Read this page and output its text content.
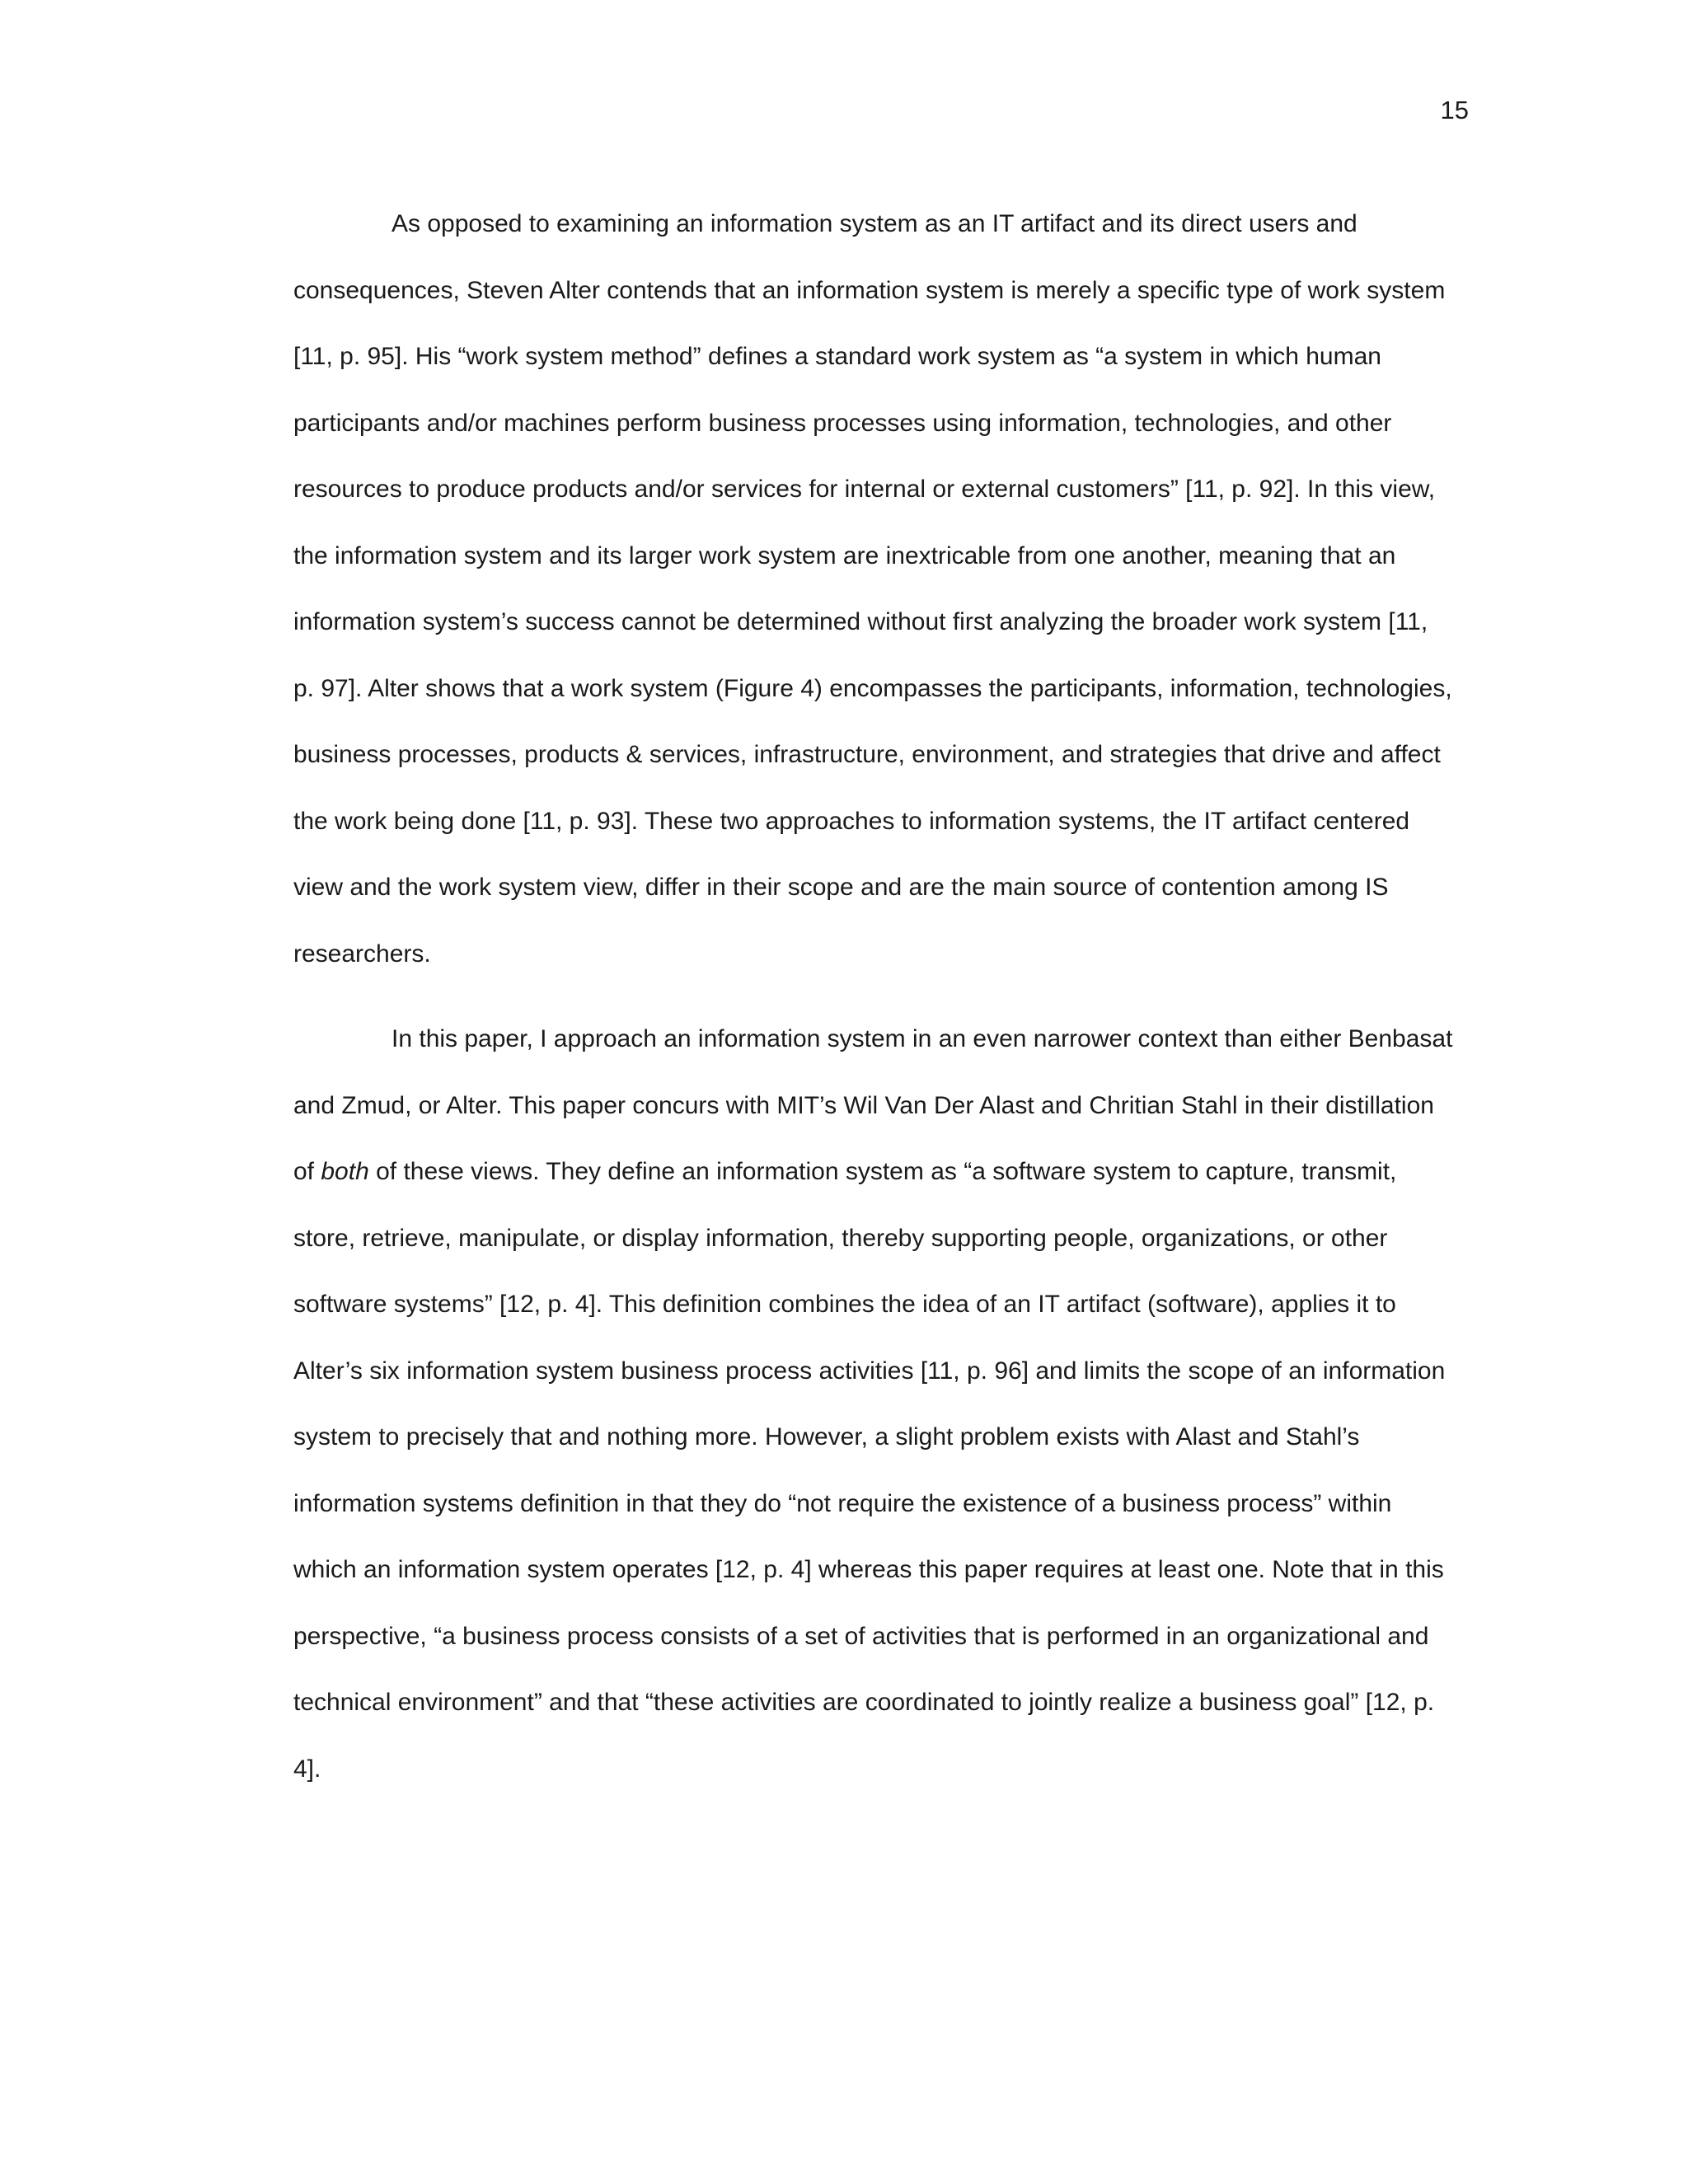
15

As opposed to examining an information system as an IT artifact and its direct users and
consequences, Steven Alter contends that an information system is merely a specific type of work system
[11, p. 95]. His “work system method” defines a standard work system as “a system in which human
participants and/or machines perform business processes using information, technologies, and other
resources to produce products and/or services for internal or external customers” [11, p. 92]. In this view,
the information system and its larger work system are inextricable from one another, meaning that an
information system’s success cannot be determined without first analyzing the broader work system [11,
p. 97]. Alter shows that a work system (Figure 4) encompasses the participants, information, technologies,
business processes, products & services, infrastructure, environment, and strategies that drive and affect
the work being done [11, p. 93]. These two approaches to information systems, the IT artifact centered
view and the work system view, differ in their scope and are the main source of contention among IS
researchers.

In this paper, I approach an information system in an even narrower context than either Benbasat
and Zmud, or Alter. This paper concurs with MIT’s Wil Van Der Alast and Chritian Stahl in their distillation
of both of these views. They define an information system as “a software system to capture, transmit,
store, retrieve, manipulate, or display information, thereby supporting people, organizations, or other
software systems” [12, p. 4]. This definition combines the idea of an IT artifact (software), applies it to
Alter’s six information system business process activities [11, p. 96] and limits the scope of an information
system to precisely that and nothing more. However, a slight problem exists with Alast and Stahl’s
information systems definition in that they do “not require the existence of a business process” within
which an information system operates [12, p. 4] whereas this paper requires at least one. Note that in this
perspective, “a business process consists of a set of activities that is performed in an organizational and
technical environment” and that “these activities are coordinated to jointly realize a business goal” [12, p.
4].
